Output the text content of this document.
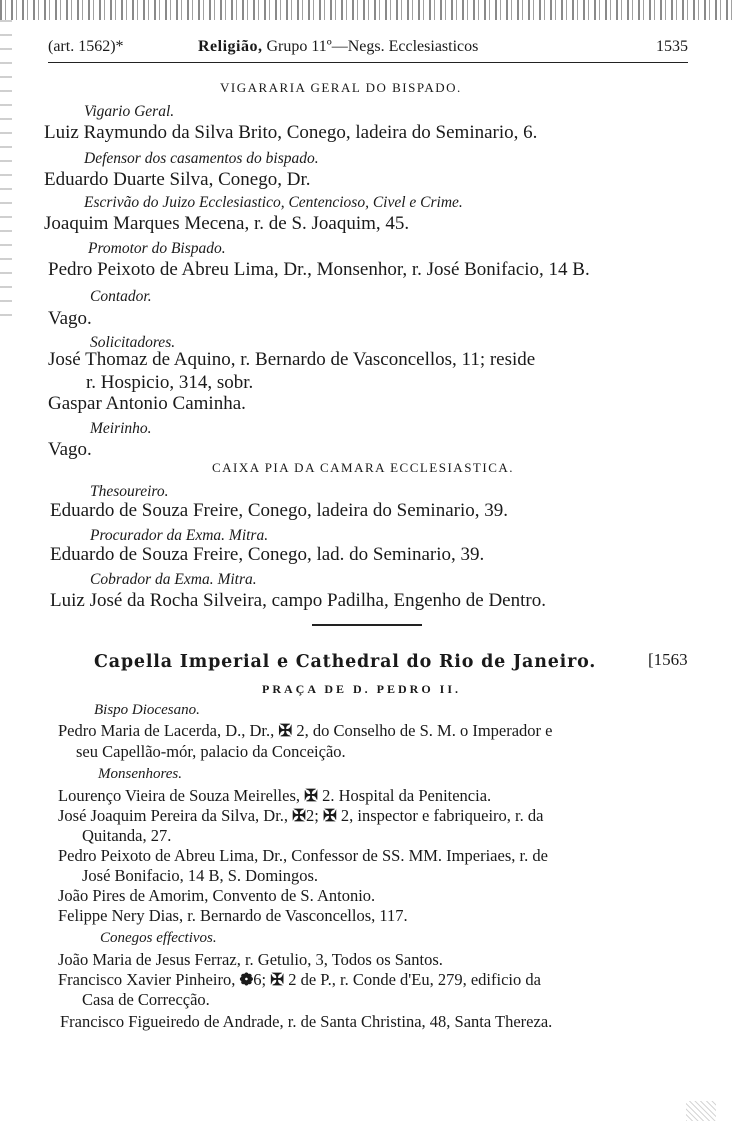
(art. 1562)*	Religião, Grupo 11º—Negs. Ecclesiasticos	1535
VIGARARIA GERAL DO BISPADO.
Vigario Geral.
Luiz Raymundo da Silva Brito, Conego, ladeira do Seminario, 6.
Defensor dos casamentos do bispado.
Eduardo Duarte Silva, Conego, Dr.
Escrivão do Juizo Ecclesiastico, Centencioso, Civel e Crime.
Joaquim Marques Mecena, r. de S. Joaquim, 45.
Promotor do Bispado.
Pedro Peixoto de Abreu Lima, Dr., Monsenhor, r. José Bonifacio, 14 B.
Contador.
Vago.
Solicitadores.
José Thomaz de Aquino, r. Bernardo de Vasconcellos, 11; reside
r. Hospicio, 314, sobr.
Gaspar Antonio Caminha.
Meirinho.
Vago.
CAIXA PIA DA CAMARA ECCLESIASTICA.
Thesoureiro.
Eduardo de Souza Freire, Conego, ladeira do Seminario, 39.
Procurador da Exma. Mitra.
Eduardo de Souza Freire, Conego, lad. do Seminario, 39.
Cobrador da Exma. Mitra.
Luiz José da Rocha Silveira, campo Padilha, Engenho de Dentro.
Capella Imperial e Cathedral do Rio de Janeiro.	[1563
PRAÇA DE D. PEDRO II.
Bispo Diocesano.
Pedro Maria de Lacerda, D., Dr., ✠ 2, do Conselho de S. M. o Imperador e
seu Capellão-mór, palacio da Conceição.
Monsenhores.
Lourenço Vieira de Souza Meirelles, ✠ 2. Hospital da Penitencia.
José Joaquim Pereira da Silva, Dr., ✠2; ✠ 2, inspector e fabriqueiro, r. da
Quitanda, 27.
Pedro Peixoto de Abreu Lima, Dr., Confessor de SS. MM. Imperiaes, r. de
José Bonifacio, 14 B, S. Domingos.
João Pires de Amorim, Convento de S. Antonio.
Felippe Nery Dias, r. Bernardo de Vasconcellos, 117.
Conegos effectivos.
João Maria de Jesus Ferraz, r. Getulio, 3, Todos os Santos.
Francisco Xavier Pinheiro, ❁6; ✠ 2 de P., r. Conde d'Eu, 279, edificio da
Casa de Correcção.
Francisco Figueiredo de Andrade, r. de Santa Christina, 48, Santa Thereza.
